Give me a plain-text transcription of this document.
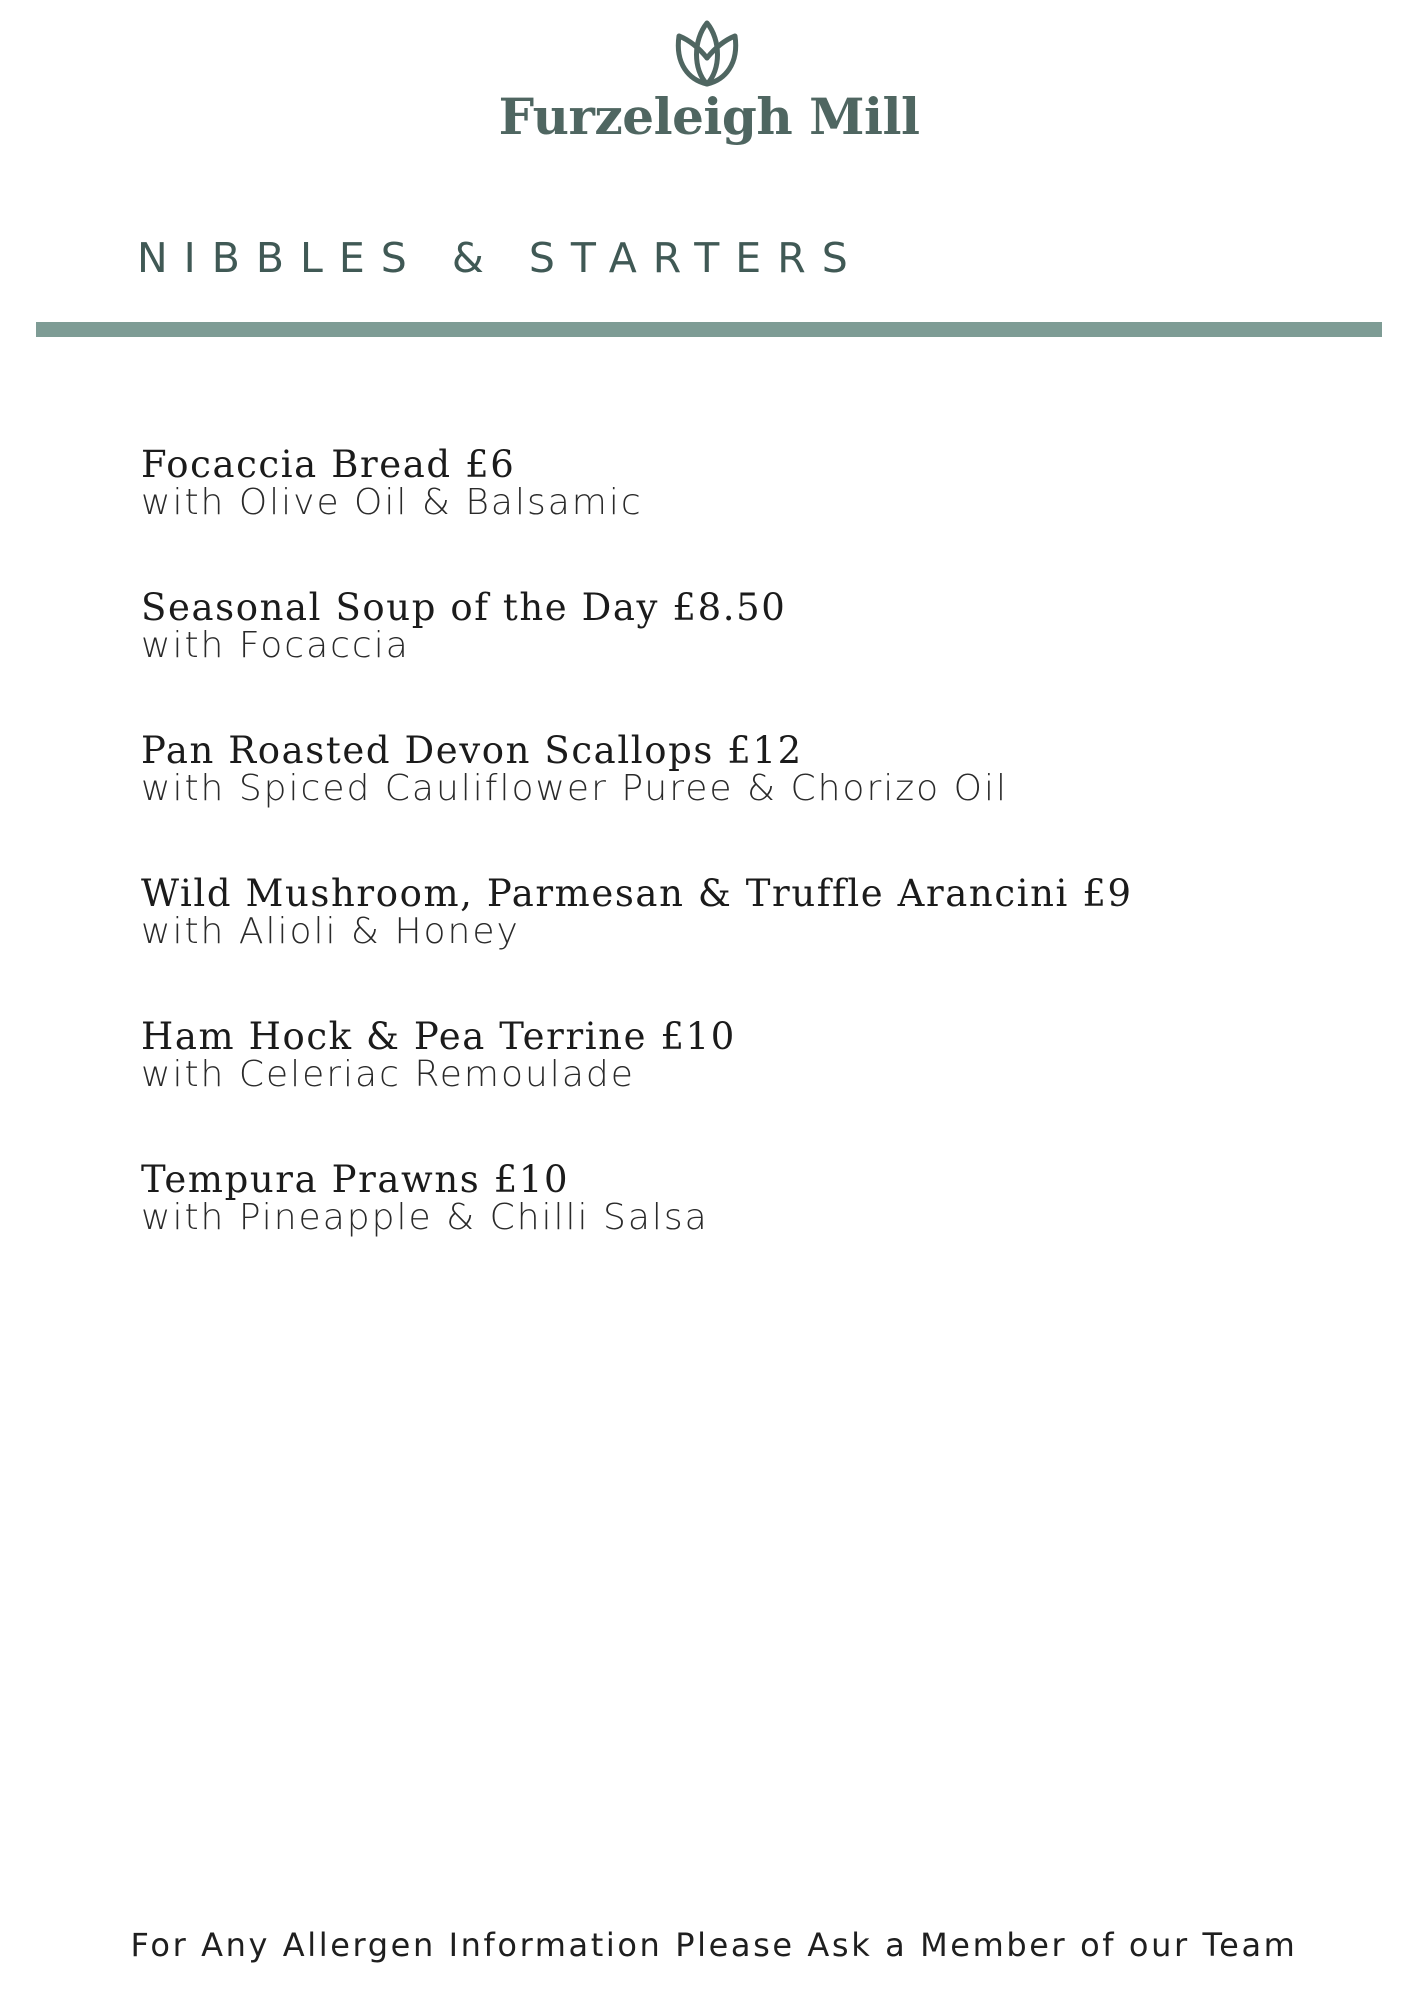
Furzeleigh Mill
NIBBLES & STARTERS
Focaccia Bread £6
with Olive Oil & Balsamic
Seasonal Soup of the Day £8.50
with Focaccia
Pan Roasted Devon Scallops £12
with Spiced Cauliflower Puree & Chorizo Oil
Wild Mushroom, Parmesan & Truffle Arancini £9
with Alioli & Honey
Ham Hock & Pea Terrine £10
with Celeriac Remoulade
Tempura Prawns £10
with Pineapple & Chilli Salsa
For Any Allergen Information Please Ask a Member of our Team
